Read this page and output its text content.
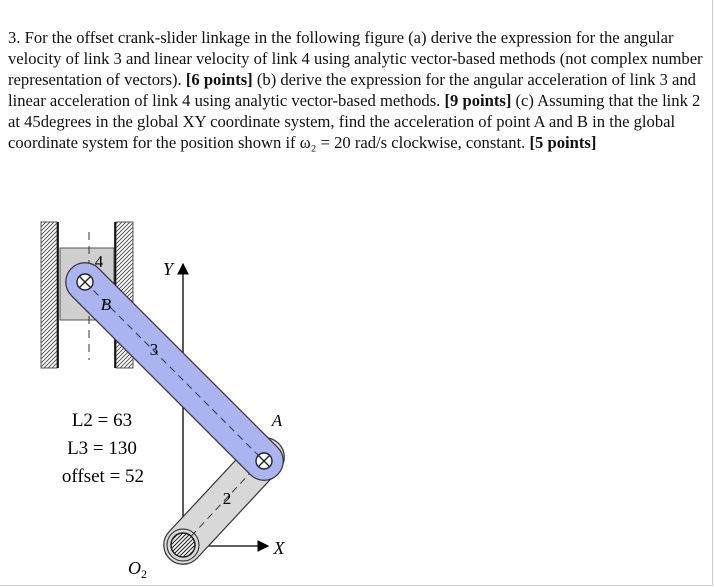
3. For the offset crank-slider linkage in the following figure (a) derive the expression for the angular velocity of link 3 and linear velocity of link 4 using analytic vector-based methods (not complex number representation of vectors). [6 points] (b) derive the expression for the angular acceleration of link 3 and linear acceleration of link 4 using analytic vector-based methods. [9 points] (c) Assuming that the link 2 at 45degrees in the global XY coordinate system, find the acceleration of point A and B in the global coordinate system for the position shown if ω₂ = 20 rad/s clockwise, constant. [5 points]

4
B
3
A
2
Y
X
$O_2$
L2 = 63
L3 = 130
offset = 52
